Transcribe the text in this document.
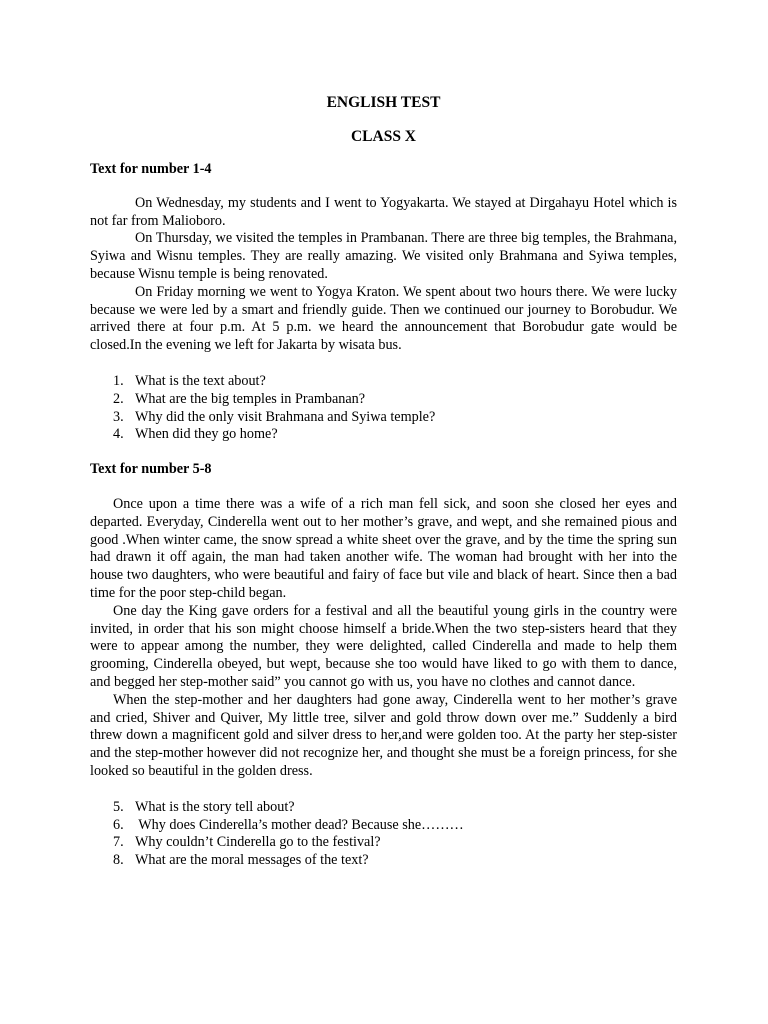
ENGLISH TEST

CLASS X

Text for number 1-4

On Wednesday, my students and I went to Yogyakarta. We stayed at Dirgahayu Hotel which is not far from Malioboro.

On Thursday, we visited the temples in Prambanan. There are three big temples, the Brahmana, Syiwa and Wisnu temples. They are really amazing. We visited only Brahmana and Syiwa temples, because Wisnu temple is being renovated.

On Friday morning we went to Yogya Kraton. We spent about two hours there. We were lucky because we were led by a smart and friendly guide. Then we continued our journey to Borobudur. We arrived there at four p.m. At 5 p.m. we heard the announcement that Borobudur gate would be closed.In the evening we left for Jakarta by wisata bus.

1. What is the text about?
2. What are the big temples in Prambanan?
3. Why did the only visit Brahmana and Syiwa temple?
4. When did they go home?

Text for number 5-8

Once upon a time there was a wife of a rich man fell sick, and soon she closed her eyes and departed. Everyday, Cinderella went out to her mother’s grave, and wept, and she remained pious and good .When winter came, the snow spread a white sheet over the grave, and by the time the spring sun had drawn it off again, the man had taken another wife. The woman had brought with her into the house two daughters, who were beautiful and fairy of face but vile and black of heart. Since then a bad time for the poor step-child began.

One day the King gave orders for a festival and all the beautiful young girls in the country were invited, in order that his son might choose himself a bride.When the two step-sisters heard that they were to appear among the number, they were delighted, called Cinderella and made to help them grooming, Cinderella obeyed, but wept, because she too would have liked to go with them to dance, and begged her step-mother said” you cannot go with us, you have no clothes and cannot dance.

When the step-mother and her daughters had gone away, Cinderella went to her mother’s grave and cried, Shiver and Quiver, My little tree, silver and gold throw down over me.” Suddenly a bird threw down a magnificent gold and silver dress to her,and were golden too. At the party her step-sister and the step-mother however did not recognize her, and thought she must be a foreign princess, for she looked so beautiful in the golden dress.

5. What is the story tell about?
6. Why does Cinderella’s mother dead? Because she………
7. Why couldn’t Cinderella go to the festival?
8. What are the moral messages of the text?
